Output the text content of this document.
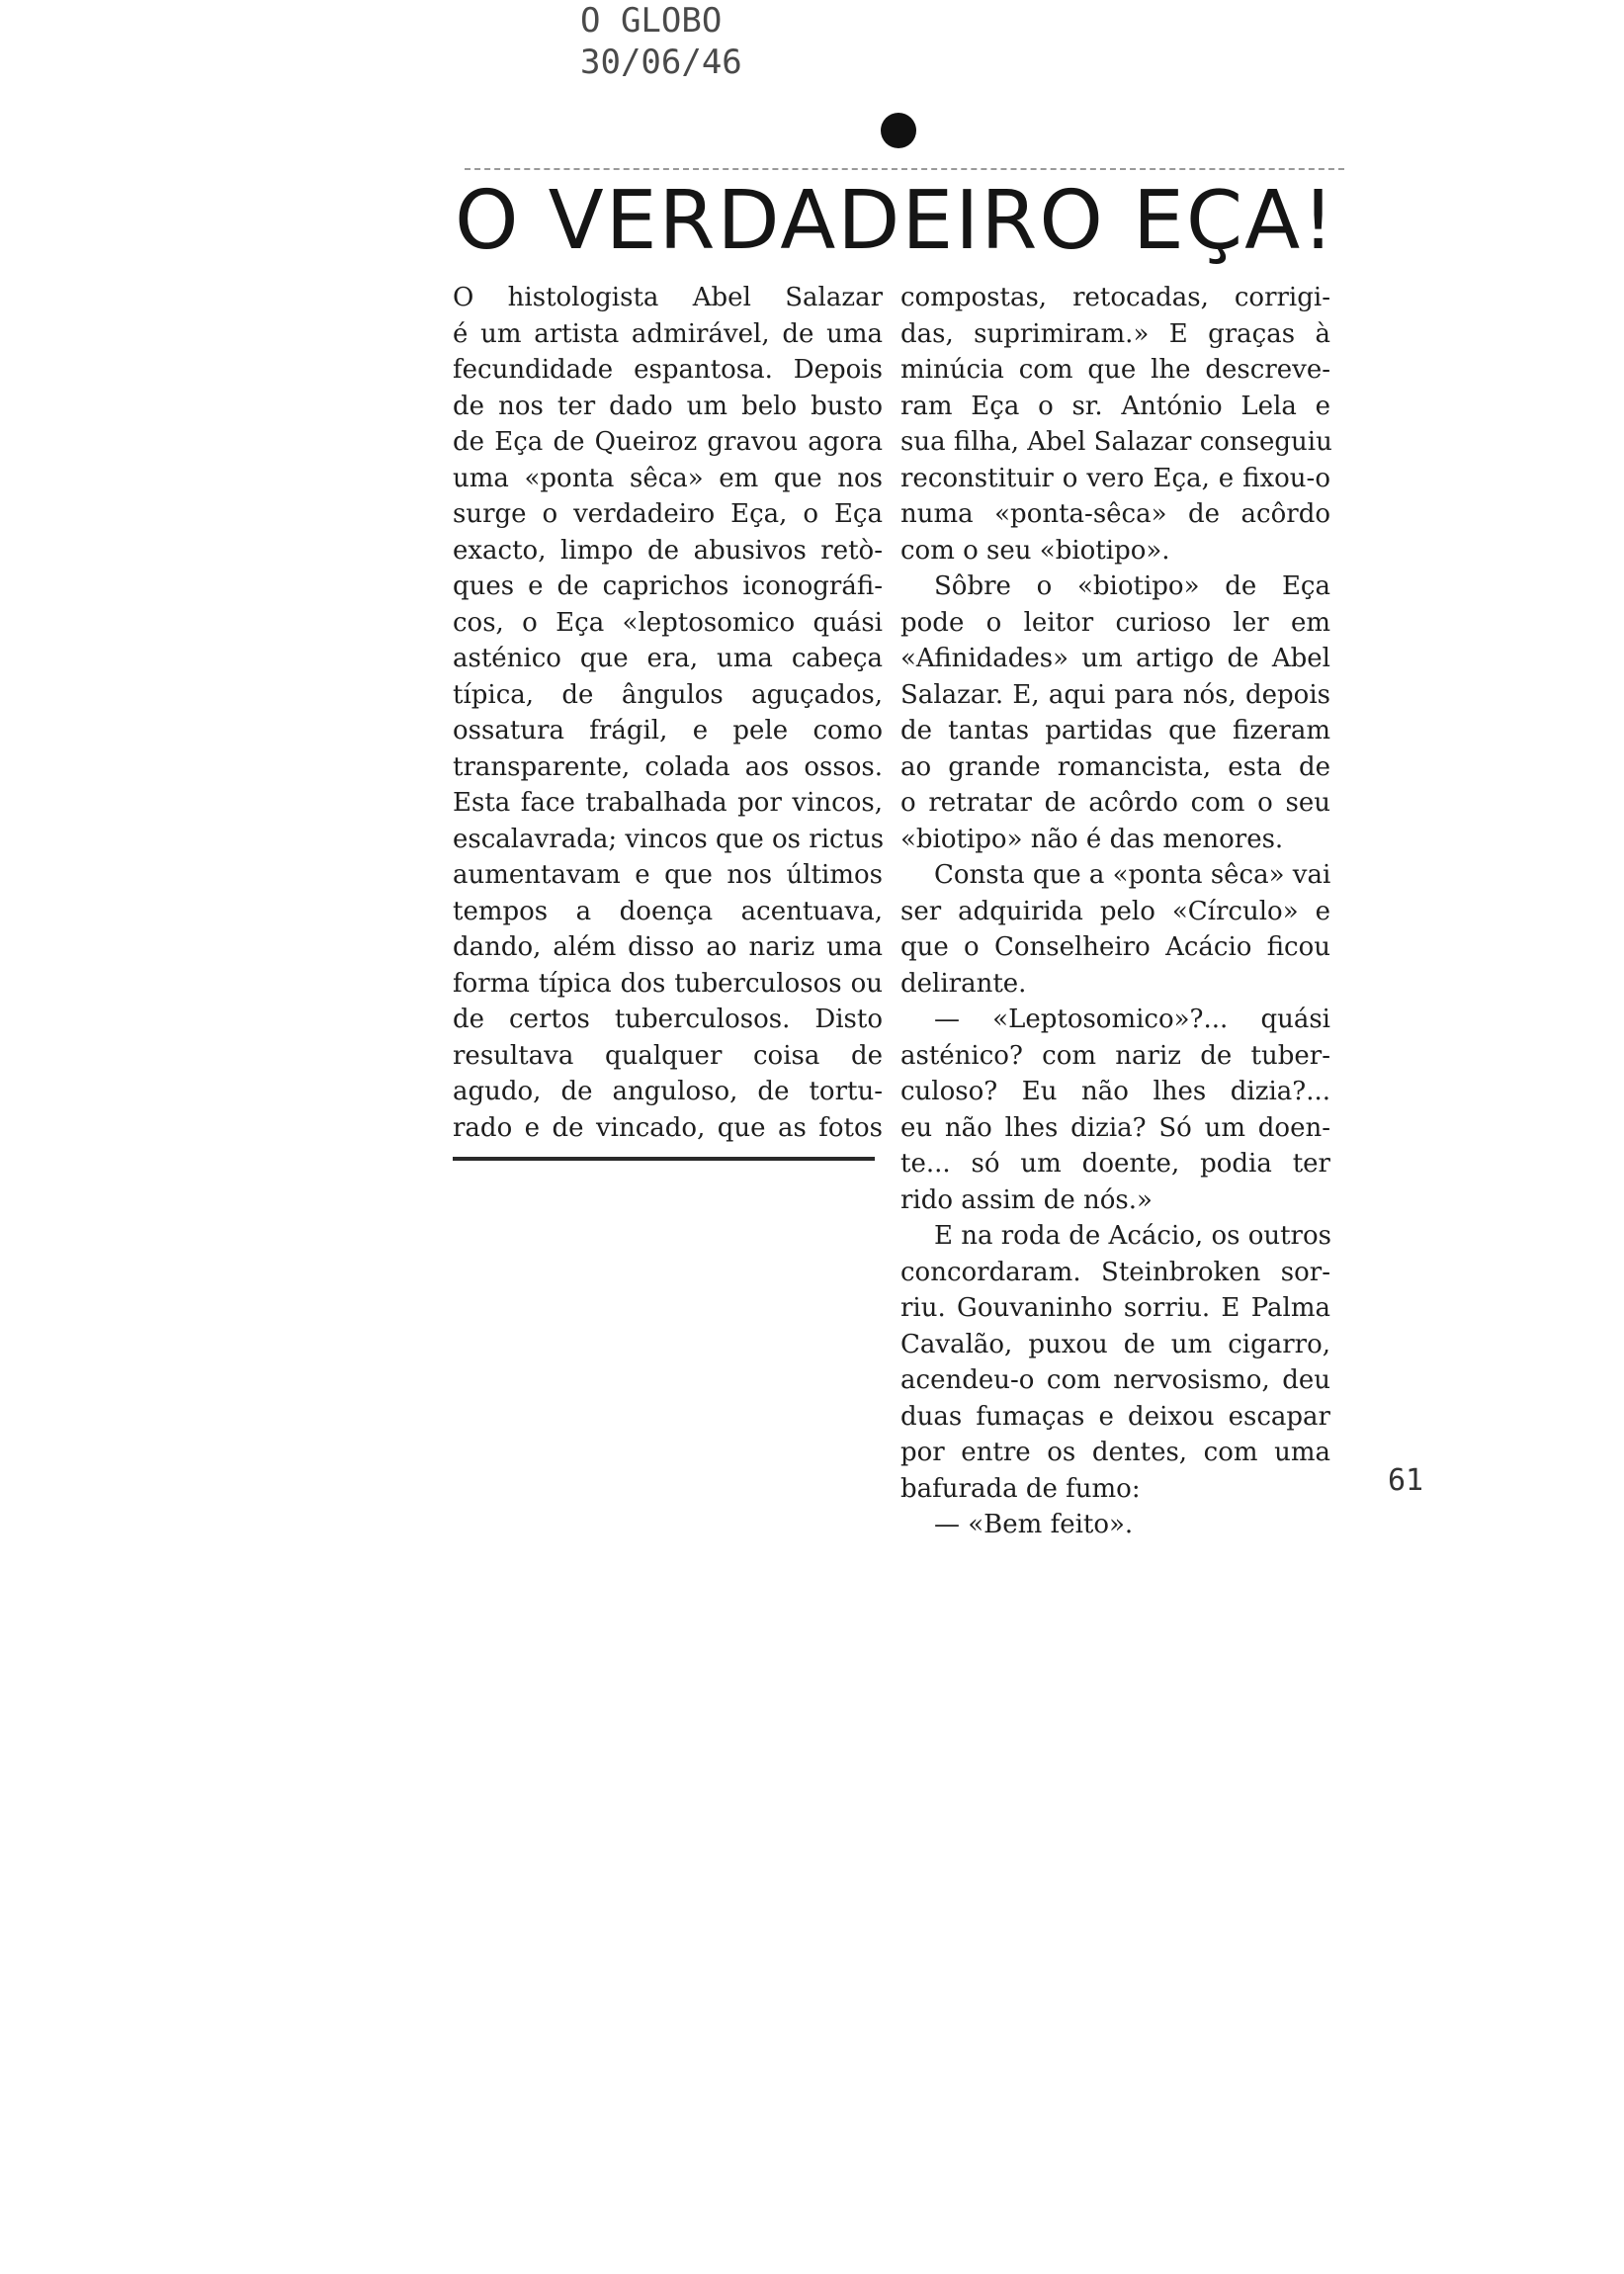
O GLOBO
30/06/46
O VERDADEIRO EÇA!
O histologista Abel Salazar
é um artista admirável, de uma
fecundidade espantosa. Depois
de nos ter dado um belo busto
de Eça de Queiroz gravou agora
uma «ponta sêca» em que nos
surge o verdadeiro Eça, o Eça
exacto, limpo de abusivos retò-
ques e de caprichos iconográfi-
cos, o Eça «leptosomico quási
asténico que era, uma cabeça
típica, de ângulos aguçados,
ossatura frágil, e pele como
transparente, colada aos ossos.
Esta face trabalhada por vincos,
escalavrada; vincos que os rictus
aumentavam e que nos últimos
tempos a doença acentuava,
dando, além disso ao nariz uma
forma típica dos tuberculosos ou
de certos tuberculosos. Disto
resultava qualquer coisa de
agudo, de anguloso, de tortu-
rado e de vincado, que as fotos
compostas, retocadas, corrigi-
das, suprimiram.» E graças à
minúcia com que lhe descreve-
ram Eça o sr. António Lela e
sua filha, Abel Salazar conseguiu
reconstituir o vero Eça, e fixou-o
numa «ponta-sêca» de acôrdo
com o seu «biotipo».
Sôbre o «biotipo» de Eça
pode o leitor curioso ler em
«Afinidades» um artigo de Abel
Salazar. E, aqui para nós, depois
de tantas partidas que fizeram
ao grande romancista, esta de
o retratar de acôrdo com o seu
«biotipo» não é das menores.
Consta que a «ponta sêca» vai
ser adquirida pelo «Círculo» e
que o Conselheiro Acácio ficou
delirante.
— «Leptosomico»?... quási
asténico? com nariz de tuber-
culoso? Eu não lhes dizia?...
eu não lhes dizia? Só um doen-
te... só um doente, podia ter
rido assim de nós.»
E na roda de Acácio, os outros
concordaram. Steinbroken sor-
riu. Gouvaninho sorriu. E Palma
Cavalão, puxou de um cigarro,
acendeu-o com nervosismo, deu
duas fumaças e deixou escapar
por entre os dentes, com uma
bafurada de fumo:
— «Bem feito».
61
